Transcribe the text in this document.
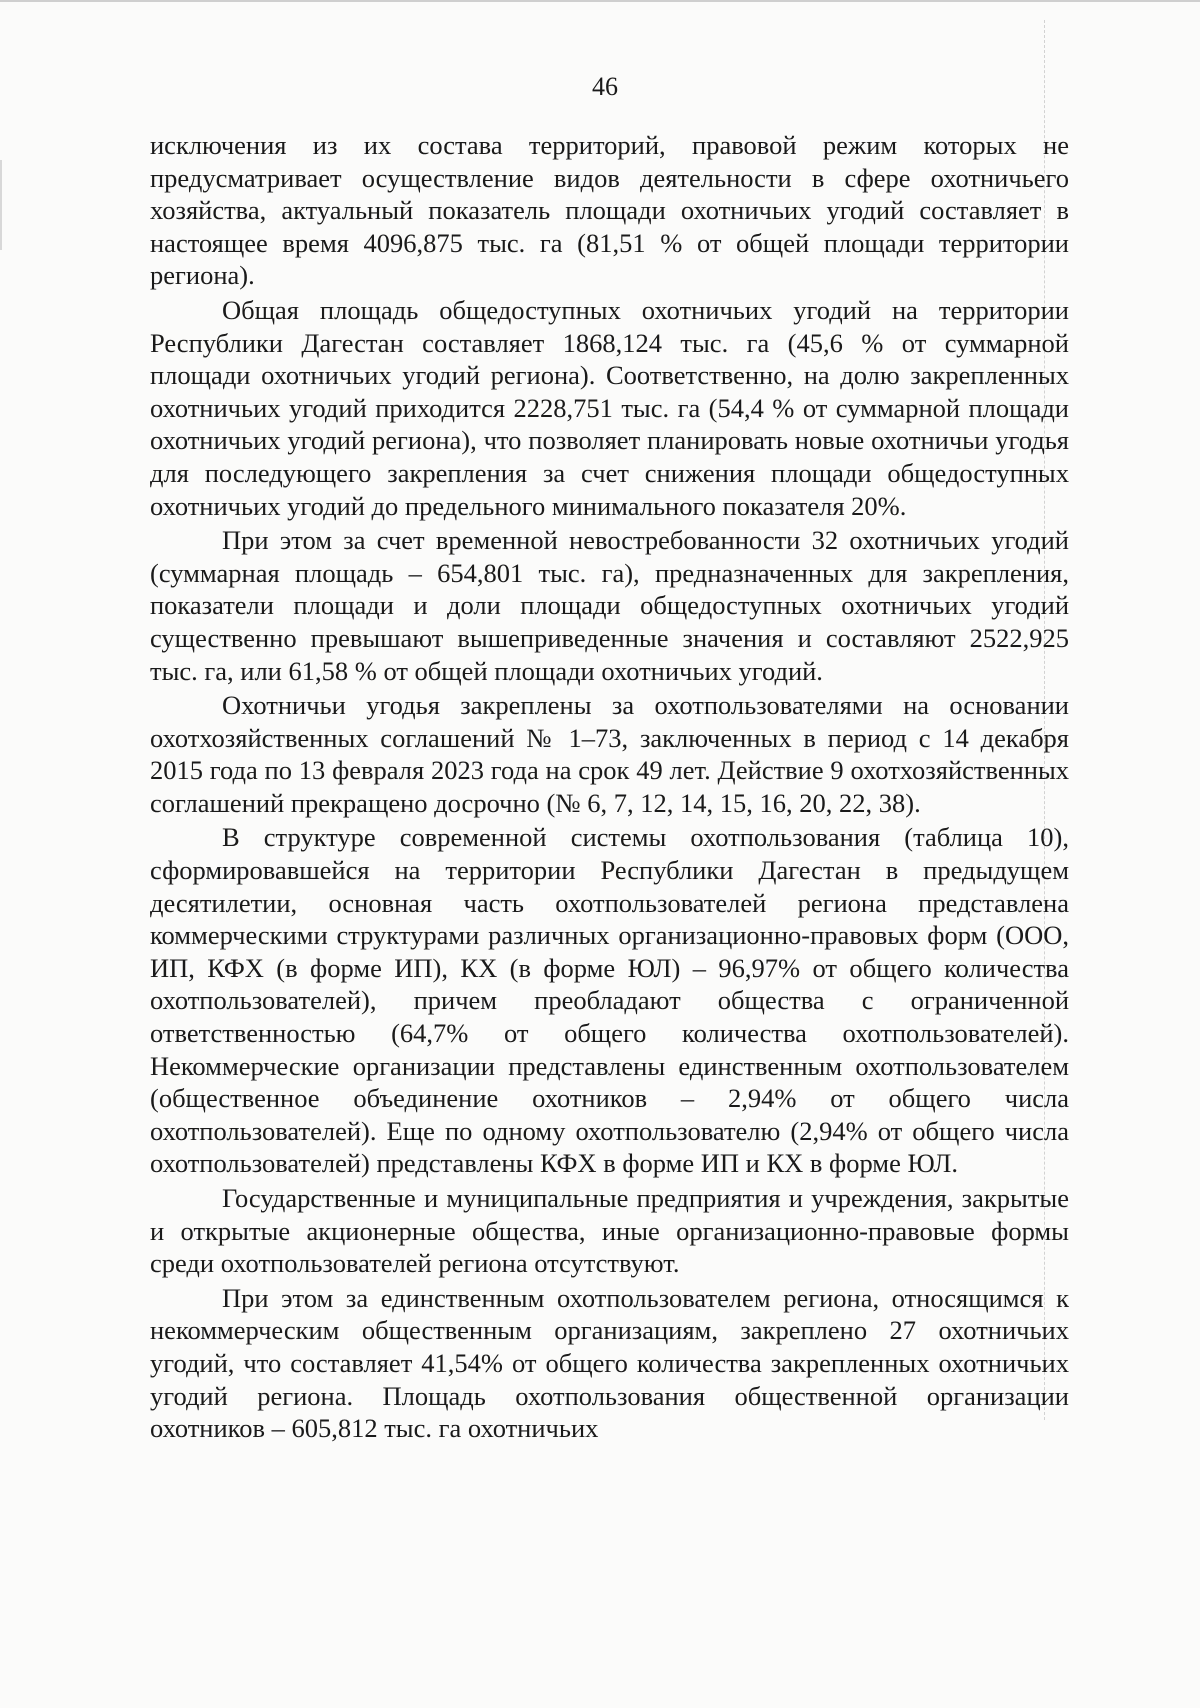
46

исключения из их состава территорий, правовой режим которых не предусматривает осуществление видов деятельности в сфере охотничьего хозяйства, актуальный показатель площади охотничьих угодий составляет в настоящее время 4096,875 тыс. га (81,51 % от общей площади территории региона).

Общая площадь общедоступных охотничьих угодий на территории Республики Дагестан составляет 1868,124 тыс. га (45,6 % от суммарной площади охотничьих угодий региона). Соответственно, на долю закрепленных охотничьих угодий приходится 2228,751 тыс. га (54,4 % от суммарной площади охотничьих угодий региона), что позволяет планировать новые охотничьи угодья для последующего закрепления за счет снижения площади общедоступных охотничьих угодий до предельного минимального показателя 20%.

При этом за счет временной невостребованности 32 охотничьих угодий (суммарная площадь – 654,801 тыс. га), предназначенных для закрепления, показатели площади и доли площади общедоступных охотничьих угодий существенно превышают вышеприведенные значения и составляют 2522,925 тыс. га, или 61,58 % от общей площади охотничьих угодий.

Охотничьи угодья закреплены за охотпользователями на основании охотхозяйственных соглашений № 1–73, заключенных в период с 14 декабря 2015 года по 13 февраля 2023 года на срок 49 лет. Действие 9 охотхозяйственных соглашений прекращено досрочно (№ 6, 7, 12, 14, 15, 16, 20, 22, 38).

В структуре современной системы охотпользования (таблица 10), сформировавшейся на территории Республики Дагестан в предыдущем десятилетии, основная часть охотпользователей региона представлена коммерческими структурами различных организационно-правовых форм (ООО, ИП, КФХ (в форме ИП), КХ (в форме ЮЛ) – 96,97% от общего количества охотпользователей), причем преобладают общества с ограниченной ответственностью (64,7% от общего количества охотпользователей). Некоммерческие организации представлены единственным охотпользователем (общественное объединение охотников – 2,94% от общего числа охотпользователей). Еще по одному охотпользователю (2,94% от общего числа охотпользователей) представлены КФХ в форме ИП и КХ в форме ЮЛ.

Государственные и муниципальные предприятия и учреждения, закрытые и открытые акционерные общества, иные организационно-правовые формы среди охотпользователей региона отсутствуют.

При этом за единственным охотпользователем региона, относящимся к некоммерческим общественным организациям, закреплено 27 охотничьих угодий, что составляет 41,54% от общего количества закрепленных охотничьих угодий региона. Площадь охотпользования общественной организации охотников – 605,812 тыс. га охотничьих
